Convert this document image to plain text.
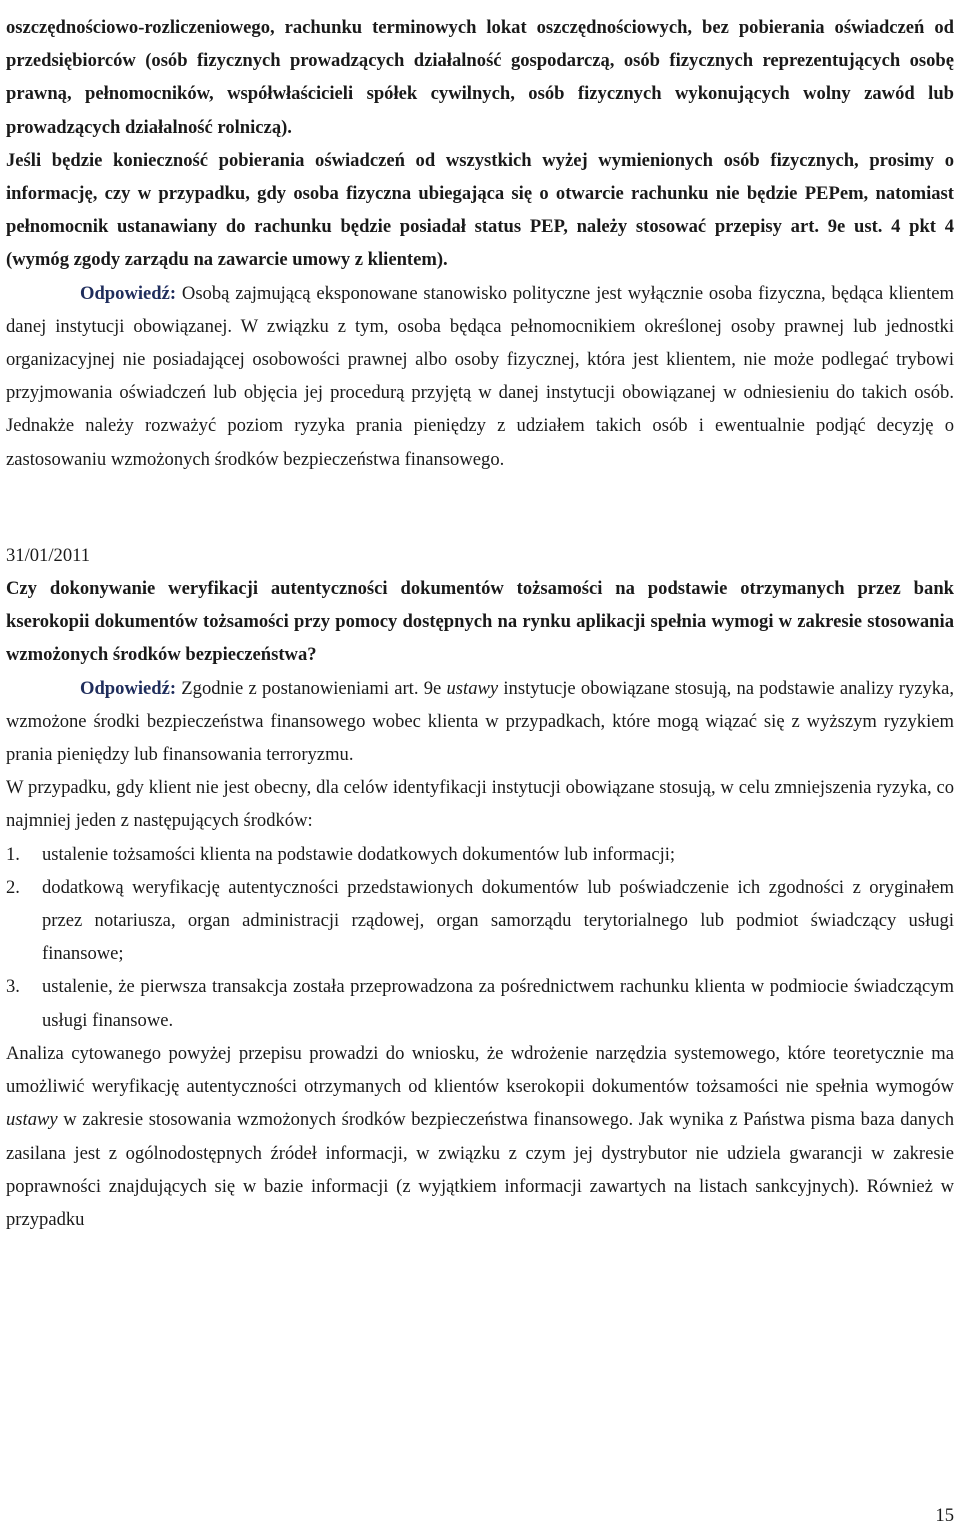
oszczędnościowo-rozliczeniowego, rachunku terminowych lokat oszczędnościowych, bez pobierania oświadczeń od przedsiębiorców (osób fizycznych prowadzących działalność gospodarczą, osób fizycznych reprezentujących osobę prawną, pełnomocników, współwłaścicieli spółek cywilnych, osób fizycznych wykonujących wolny zawód lub prowadzących działalność rolniczą).

Jeśli będzie konieczność pobierania oświadczeń od wszystkich wyżej wymienionych osób fizycznych, prosimy o informację, czy w przypadku, gdy osoba fizyczna ubiegająca się o otwarcie rachunku nie będzie PEPem, natomiast pełnomocnik ustanawiany do rachunku będzie posiadał status PEP, należy stosować przepisy art. 9e ust. 4 pkt 4 (wymóg zgody zarządu na zawarcie umowy z klientem).

Odpowiedź: Osobą zajmującą eksponowane stanowisko polityczne jest wyłącznie osoba fizyczna, będąca klientem danej instytucji obowiązanej. W związku z tym, osoba będąca pełnomocnikiem określonej osoby prawnej lub jednostki organizacyjnej nie posiadającej osobowości prawnej albo osoby fizycznej, która jest klientem, nie może podlegać trybowi przyjmowania oświadczeń lub objęcia jej procedurą przyjętą w danej instytucji obowiązanej w odniesieniu do takich osób. Jednakże należy rozważyć poziom ryzyka prania pieniędzy z udziałem takich osób i ewentualnie podjąć decyzję o zastosowaniu wzmożonych środków bezpieczeństwa finansowego.

31/01/2011

Czy dokonywanie weryfikacji autentyczności dokumentów tożsamości na podstawie otrzymanych przez bank kserokopii dokumentów tożsamości przy pomocy dostępnych na rynku aplikacji spełnia wymogi w zakresie stosowania wzmożonych środków bezpieczeństwa?

Odpowiedź: Zgodnie z postanowieniami art. 9e ustawy instytucje obowiązane stosują, na podstawie analizy ryzyka, wzmożone środki bezpieczeństwa finansowego wobec klienta w przypadkach, które mogą wiązać się z wyższym ryzykiem prania pieniędzy lub finansowania terroryzmu.

W przypadku, gdy klient nie jest obecny, dla celów identyfikacji instytucji obowiązane stosują, w celu zmniejszenia ryzyka, co najmniej jeden z następujących środków:

1. ustalenie tożsamości klienta na podstawie dodatkowych dokumentów lub informacji;
2. dodatkową weryfikację autentyczności przedstawionych dokumentów lub poświadczenie ich zgodności z oryginałem przez notariusza, organ administracji rządowej, organ samorządu terytorialnego lub podmiot świadczący usługi finansowe;
3. ustalenie, że pierwsza transakcja została przeprowadzona za pośrednictwem rachunku klienta w podmiocie świadczącym usługi finansowe.

Analiza cytowanego powyżej przepisu prowadzi do wniosku, że wdrożenie narzędzia systemowego, które teoretycznie ma umożliwić weryfikację autentyczności otrzymanych od klientów kserokopii dokumentów tożsamości nie spełnia wymogów ustawy w zakresie stosowania wzmożonych środków bezpieczeństwa finansowego. Jak wynika z Państwa pisma baza danych zasilana jest z ogólnodostępnych źródeł informacji, w związku z czym jej dystrybutor nie udziela gwarancji w zakresie poprawności znajdujących się w bazie informacji (z wyjątkiem informacji zawartych na listach sankcyjnych). Również w przypadku

15
